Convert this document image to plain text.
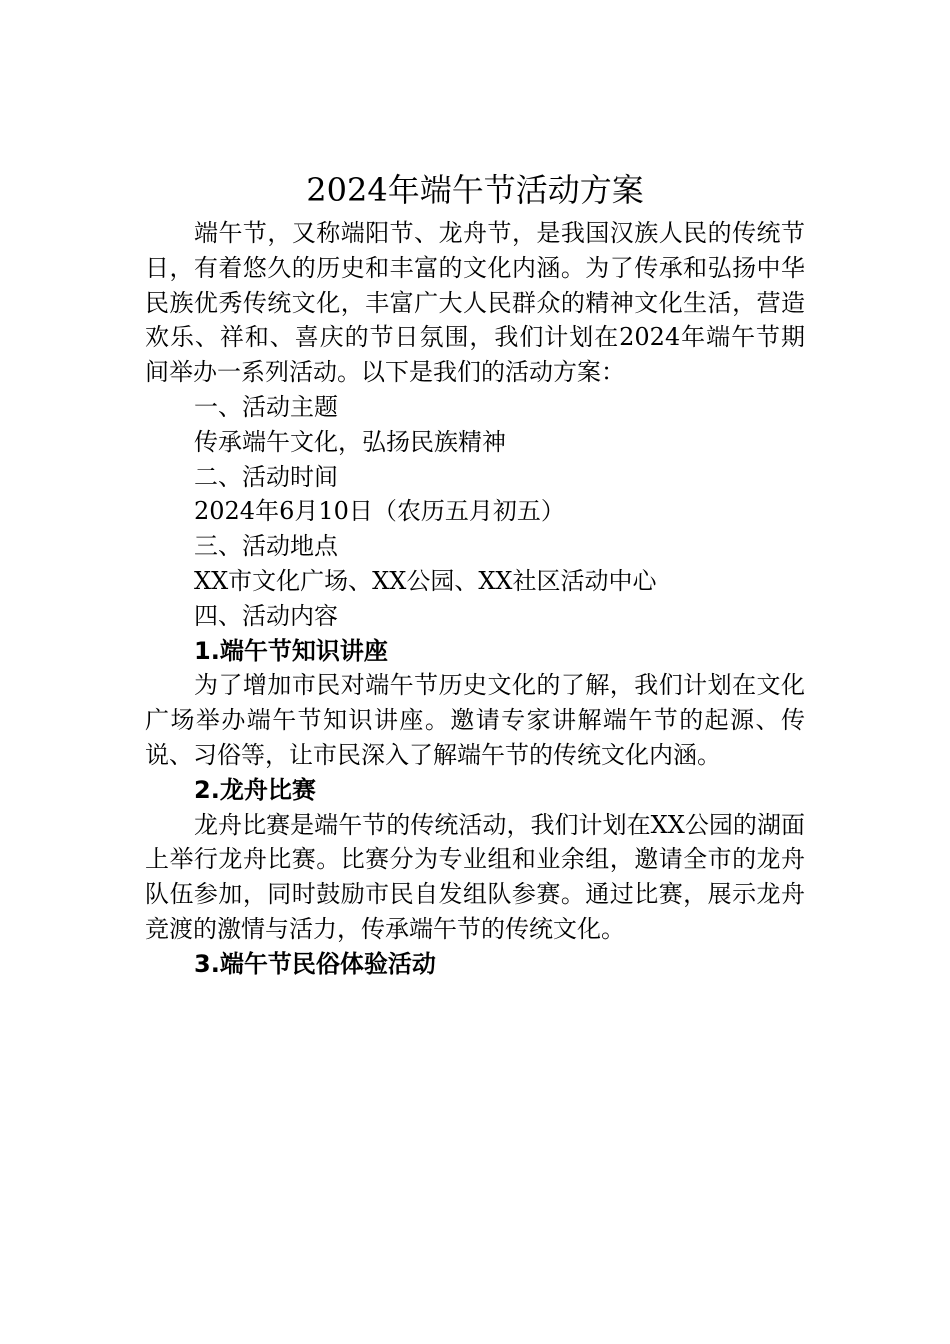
2024年端午节活动方案

端午节，又称端阳节、龙舟节，是我国汉族人民的传统节日，有着悠久的历史和丰富的文化内涵。为了传承和弘扬中华民族优秀传统文化，丰富广大人民群众的精神文化生活，营造欢乐、祥和、喜庆的节日氛围，我们计划在2024年端午节期间举办一系列活动。以下是我们的活动方案：

一、活动主题

传承端午文化，弘扬民族精神

二、活动时间

2024年6月10日（农历五月初五）

三、活动地点

XX市文化广场、XX公园、XX社区活动中心

四、活动内容

1.端午节知识讲座

为了增加市民对端午节历史文化的了解，我们计划在文化广场举办端午节知识讲座。邀请专家讲解端午节的起源、传说、习俗等，让市民深入了解端午节的传统文化内涵。

2.龙舟比赛

龙舟比赛是端午节的传统活动，我们计划在XX公园的湖面上举行龙舟比赛。比赛分为专业组和业余组，邀请全市的龙舟队伍参加，同时鼓励市民自发组队参赛。通过比赛，展示龙舟竞渡的激情与活力，传承端午节的传统文化。

3.端午节民俗体验活动
